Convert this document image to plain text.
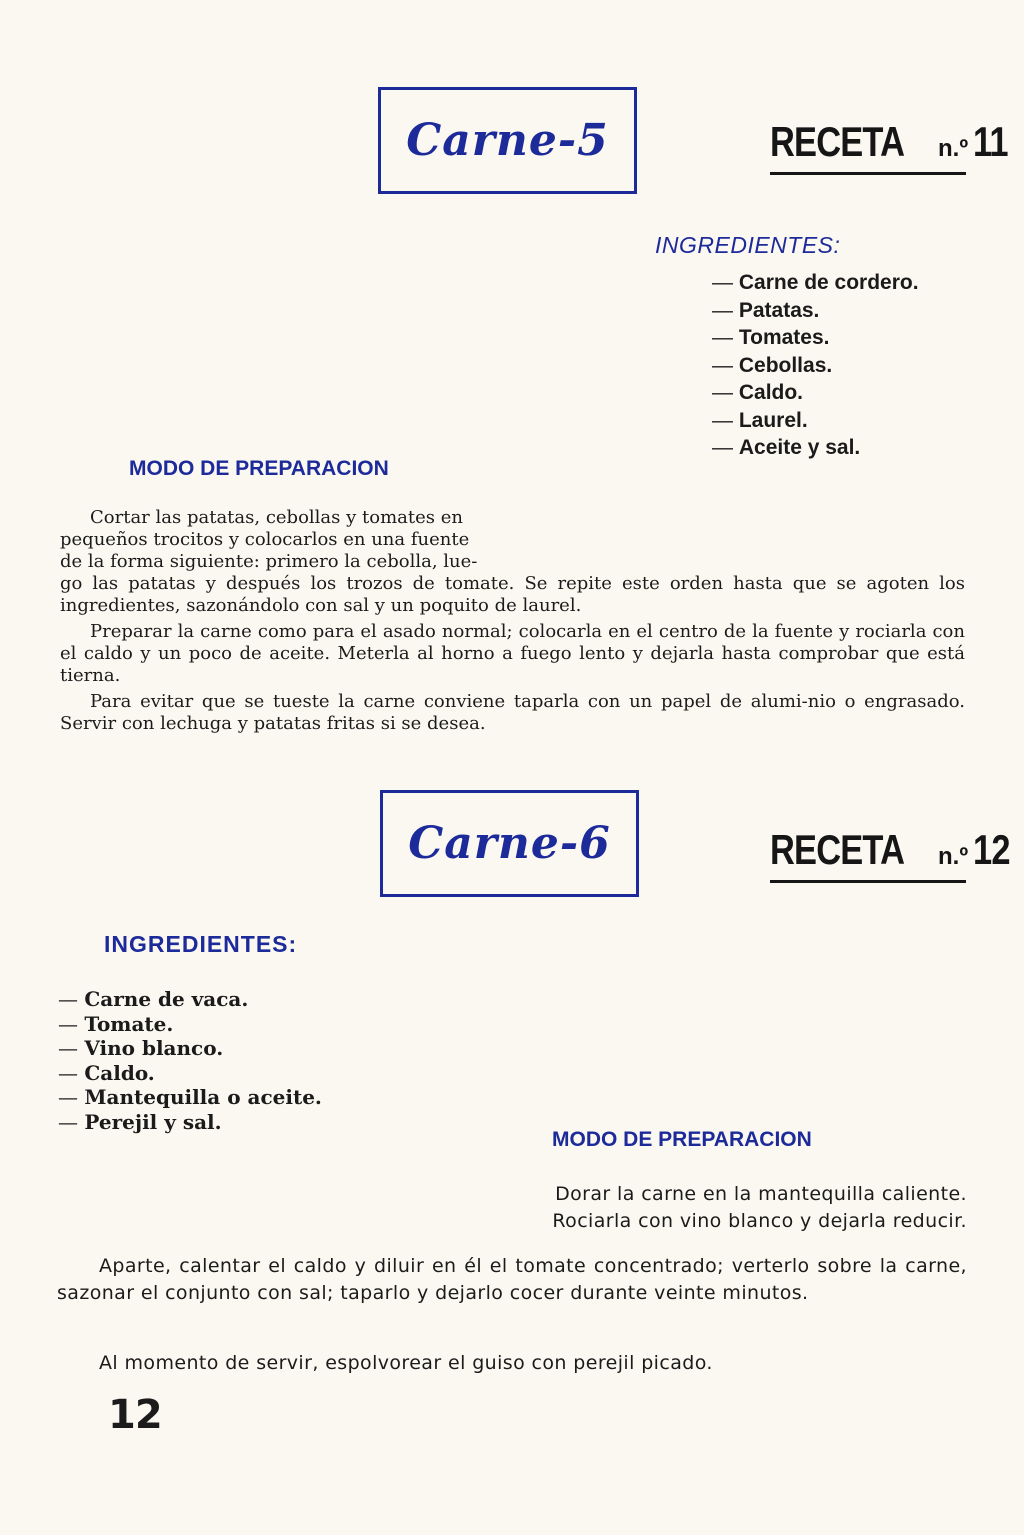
Carne-5	RECETA n.º 11
INGREDIENTES:
— Carne de cordero.
— Patatas.
— Tomates.
— Cebollas.
— Caldo.
— Laurel.
— Aceite y sal.
MODO DE PREPARACION
Cortar las patatas, cebollas y tomates en
pequeños trocitos y colocarlos en una fuente
de la forma siguiente: primero la cebolla, lue-

go las patatas y después los trozos de tomate. Se repite este orden hasta que se agoten los ingredientes, sazonándolo con sal y un poquito de laurel.

Preparar la carne como para el asado normal; colocarla en el centro de la fuente y rociarla con el caldo y un poco de aceite. Meterla al horno a fuego lento y dejarla hasta comprobar que está tierna.

Para evitar que se tueste la carne conviene taparla con un papel de alumi-nio o engrasado. Servir con lechuga y patatas fritas si se desea.

Carne-6	RECETA n.º 12
INGREDIENTES:
— Carne de vaca.
— Tomate.
— Vino blanco.
— Caldo.
— Mantequilla o aceite.
— Perejil y sal.
MODO DE PREPARACION
Dorar la carne en la mantequilla caliente.
Rociarla con vino blanco y dejarla reducir.

Aparte, calentar el caldo y diluir en él el tomate concentrado; verterlo sobre la carne, sazonar el conjunto con sal; taparlo y dejarlo cocer durante veinte minutos.

Al momento de servir, espolvorear el guiso con perejil picado.

12
